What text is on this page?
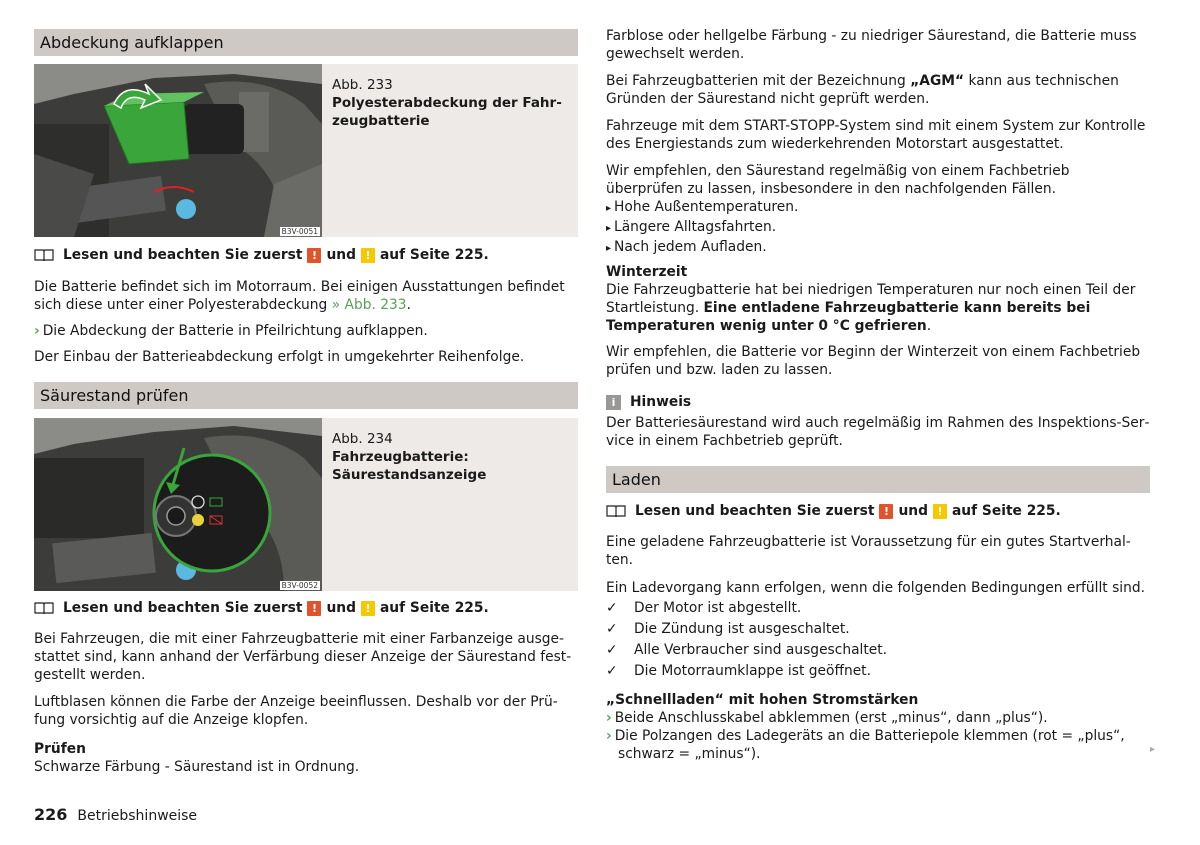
Abdeckung aufklappen
B3V-0051
Abb. 233
Polyesterabdeckung der Fahrzeugbatterie
Lesen und beachten Sie zuerst ! und ! auf Seite 225.

Die Batterie befindet sich im Motorraum. Bei einigen Ausstattungen befindet sich diese unter einer Polyesterabdeckung » Abb. 233.

› Die Abdeckung der Batterie in Pfeilrichtung aufklappen.

Der Einbau der Batterieabdeckung erfolgt in umgekehrter Reihenfolge.

Säurestand prüfen
B3V-0052
Abb. 234
Fahrzeugbatterie: Säurestandsanzeige
Lesen und beachten Sie zuerst ! und ! auf Seite 225.

Bei Fahrzeugen, die mit einer Fahrzeugbatterie mit einer Farbanzeige ausgestattet sind, kann anhand der Verfärbung dieser Anzeige der Säurestand festgestellt werden.

Luftblasen können die Farbe der Anzeige beeinflussen. Deshalb vor der Prüfung vorsichtig auf die Anzeige klopfen.

Prüfen

Schwarze Färbung - Säurestand ist in Ordnung.

Farblose oder hellgelbe Färbung - zu niedriger Säurestand, die Batterie muss gewechselt werden.

Bei Fahrzeugbatterien mit der Bezeichnung „AGM“ kann aus technischen Gründen der Säurestand nicht geprüft werden.

Fahrzeuge mit dem START-STOPP-System sind mit einem System zur Kontrolle des Energiestands zum wiederkehrenden Motorstart ausgestattet.

Wir empfehlen, den Säurestand regelmäßig von einem Fachbetrieb überprüfen zu lassen, insbesondere in den nachfolgenden Fällen.

▸ Hohe Außentemperaturen.

▸ Längere Alltagsfahrten.

▸ Nach jedem Aufladen.

Winterzeit

Die Fahrzeugbatterie hat bei niedrigen Temperaturen nur noch einen Teil der Startleistung. Eine entladene Fahrzeugbatterie kann bereits bei Temperaturen wenig unter 0 °C gefrieren.

Wir empfehlen, die Batterie vor Beginn der Winterzeit von einem Fachbetrieb prüfen und bzw. laden zu lassen.

i	Hinweis

Der Batteriesäurestand wird auch regelmäßig im Rahmen des Inspektions-Service in einem Fachbetrieb geprüft.

Laden
Lesen und beachten Sie zuerst ! und ! auf Seite 225.

Eine geladene Fahrzeugbatterie ist Voraussetzung für ein gutes Startverhalten.

Ein Ladevorgang kann erfolgen, wenn die folgenden Bedingungen erfüllt sind.

✓	Der Motor ist abgestellt.
✓	Die Zündung ist ausgeschaltet.
✓	Alle Verbraucher sind ausgeschaltet.
✓	Die Motorraumklappe ist geöffnet.
„Schnellladen“ mit hohen Stromstärken

› Beide Anschlusskabel abklemmen (erst „minus“, dann „plus“).

› Die Polzangen des Ladegeräts an die Batteriepole klemmen (rot = „plus“, schwarz = „minus“).	▸
226 Betriebshinweise
